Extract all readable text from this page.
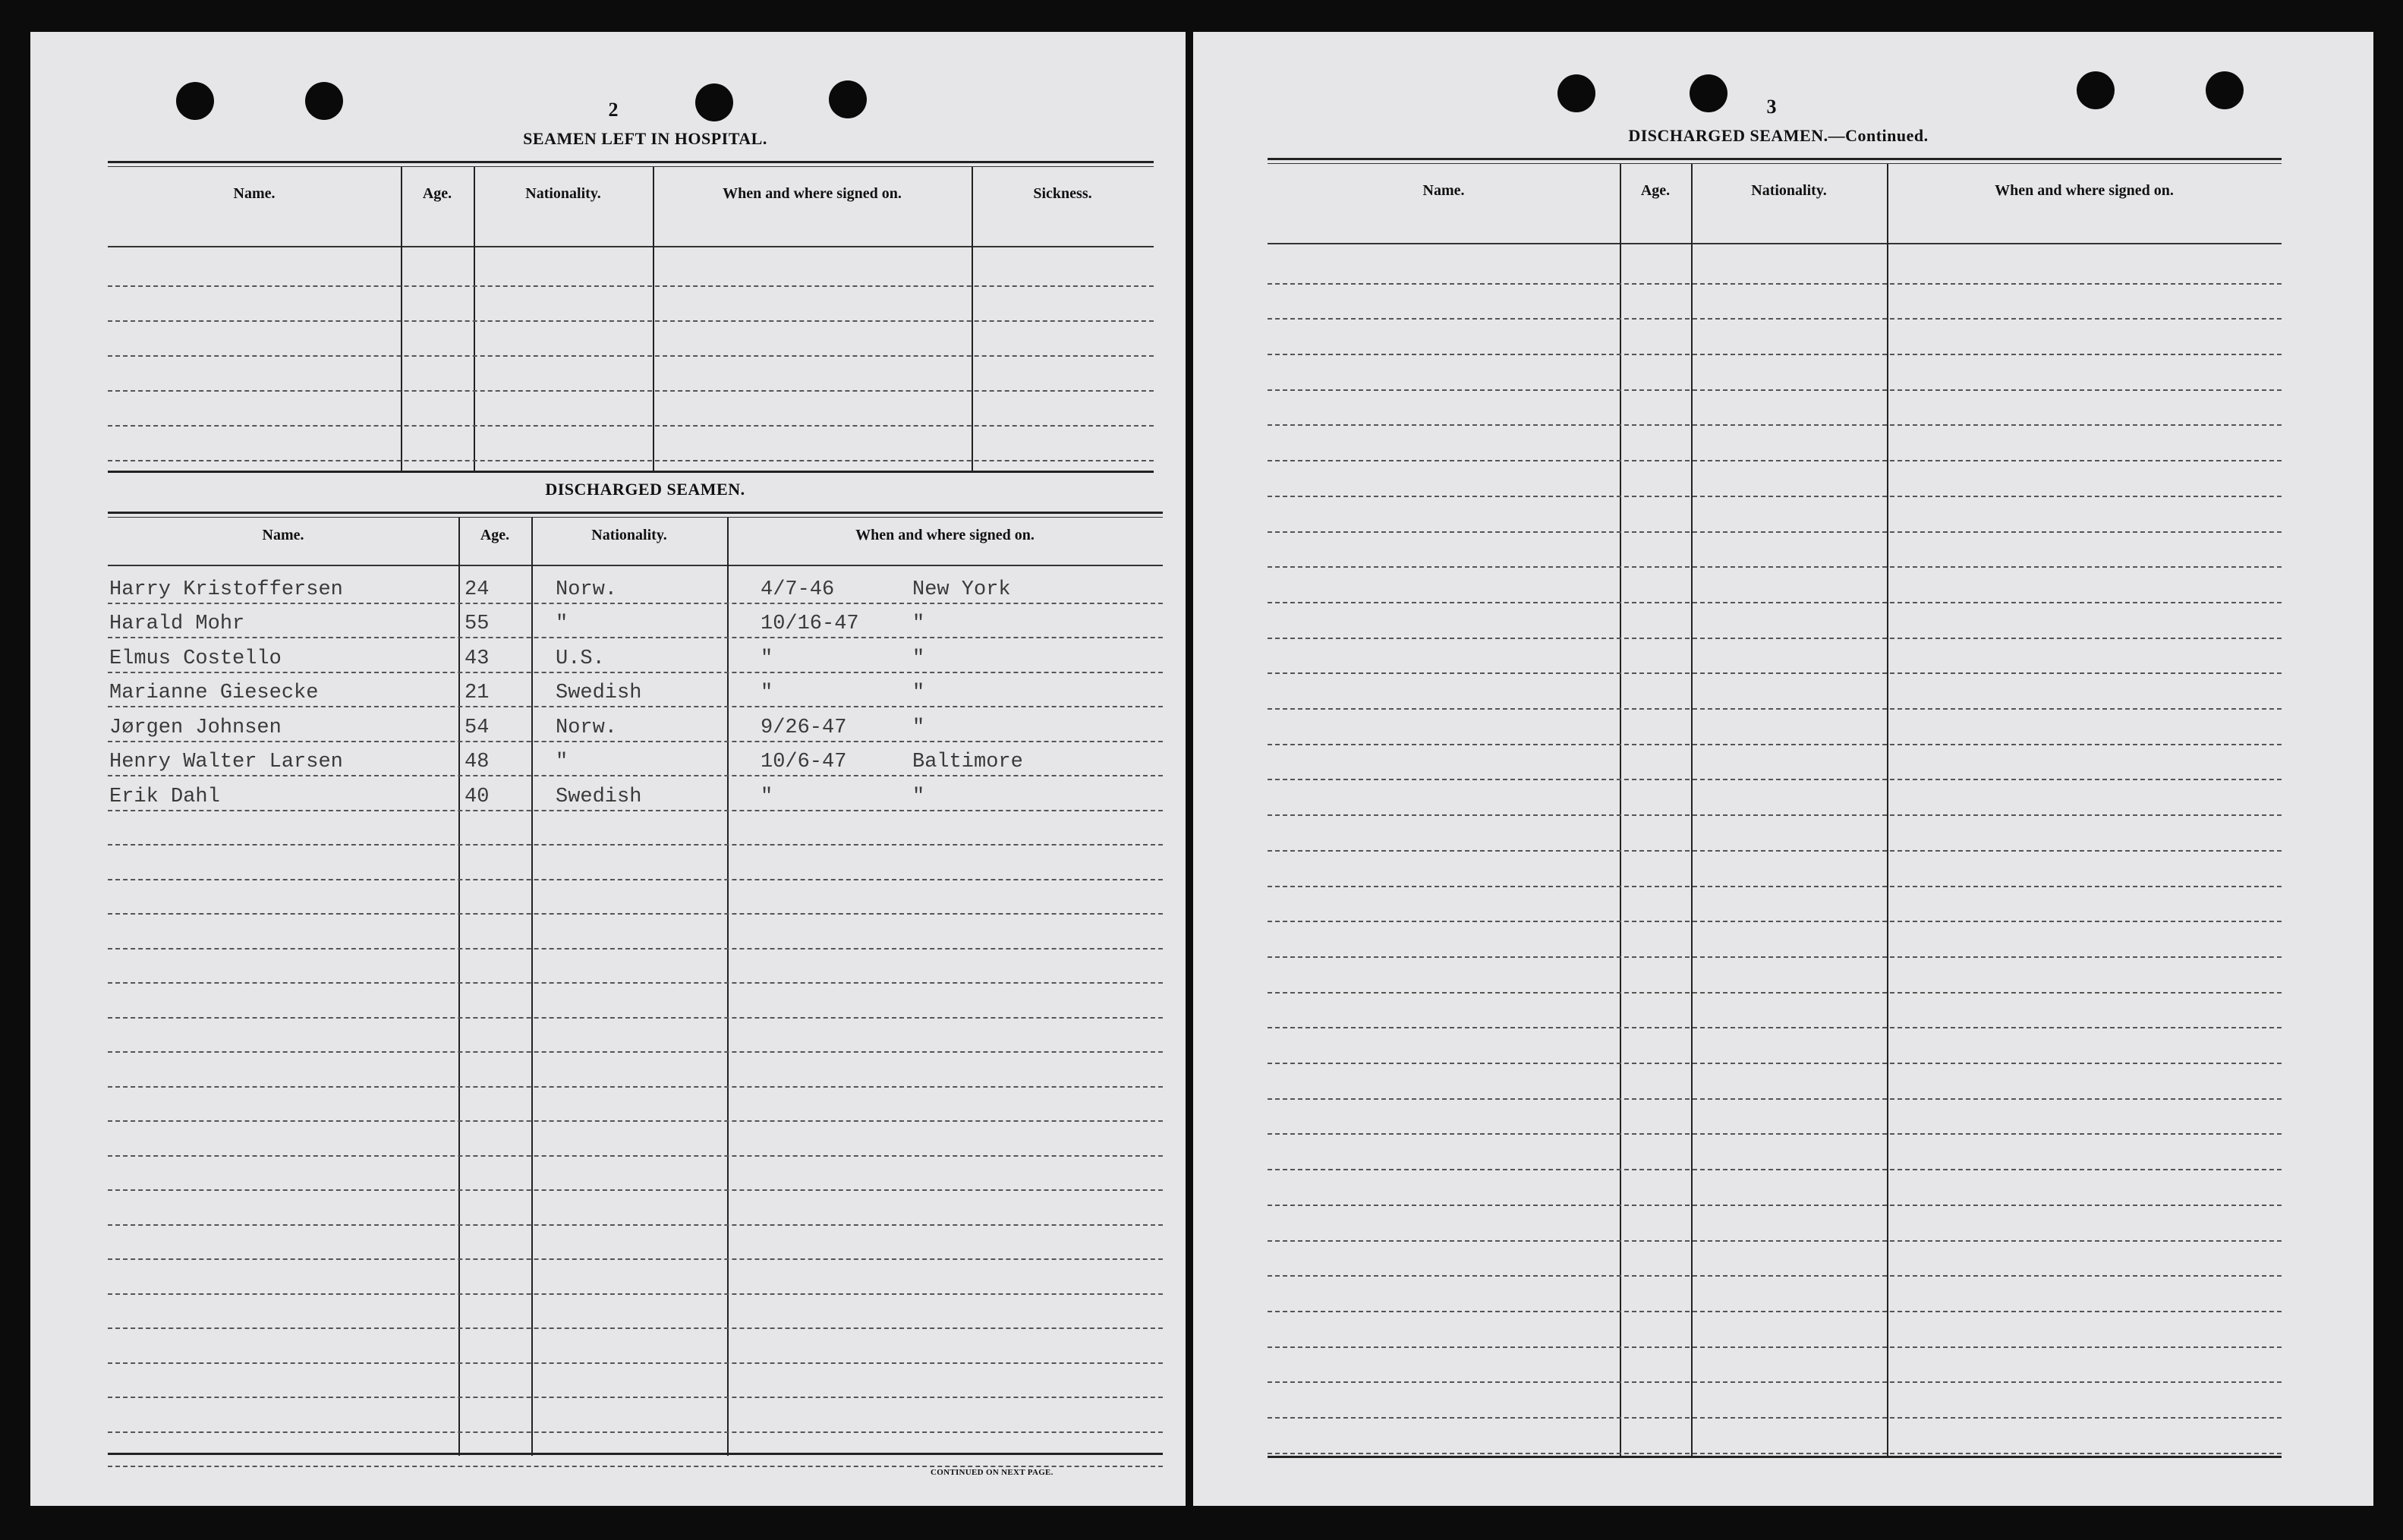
2
SEAMEN LEFT IN HOSPITAL.
Name.	Age.	Nationality.	When and where signed on.	Sickness.
DISCHARGED SEAMEN.
Name.	Age.	Nationality.	When and where signed on.
Harry Kristoffersen	24	Norw.	4/7-46	New York
Harald Mohr	55	"	10/16-47	"
Elmus Costello	43	U.S.	"	"
Marianne Giesecke	21	Swedish	"	"
Jørgen Johnsen	54	Norw.	9/26-47	"
Henry Walter Larsen	48	"	10/6-47	Baltimore
Erik Dahl	40	Swedish	"	"
CONTINUED ON NEXT PAGE.
3
DISCHARGED SEAMEN.—Continued.
Name.	Age.	Nationality.	When and where signed on.
